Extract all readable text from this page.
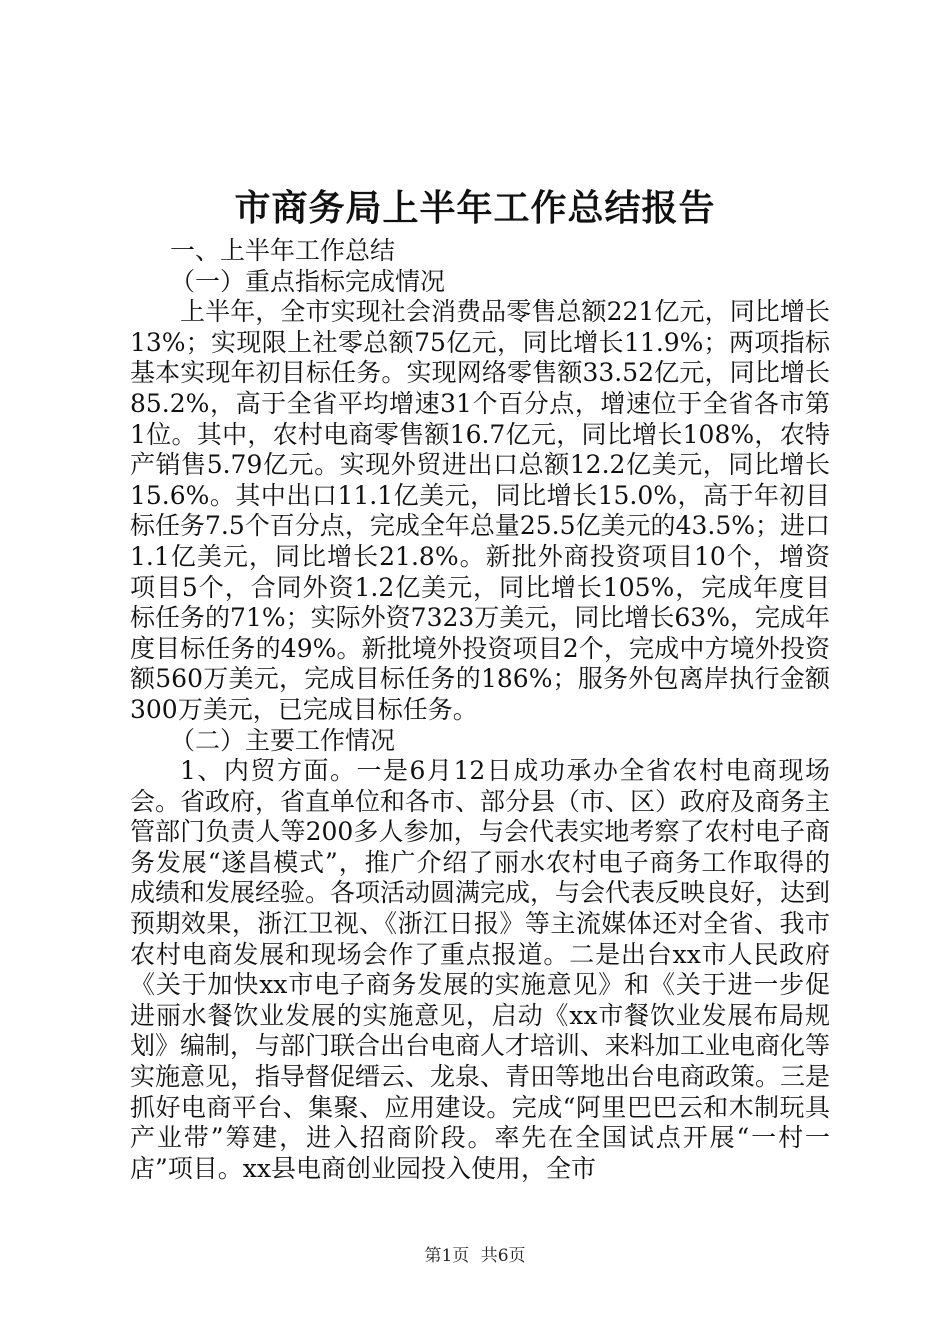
市商务局上半年工作总结报告

一、上半年工作总结

（一）重点指标完成情况

上半年，全市实现社会消费品零售总额221亿元，同比增长13%；实现限上社零总额75亿元，同比增长11.9%；两项指标基本实现年初目标任务。实现网络零售额33.52亿元，同比增长85.2%，高于全省平均增速31个百分点，增速位于全省各市第1位。其中，农村电商零售额16.7亿元，同比增长108%，农特产销售5.79亿元。实现外贸进出口总额12.2亿美元，同比增长15.6%。其中出口11.1亿美元，同比增长15.0%，高于年初目标任务7.5个百分点，完成全年总量25.5亿美元的43.5%；进口1.1亿美元，同比增长21.8%。新批外商投资项目10个，增资项目5个，合同外资1.2亿美元，同比增长105%，完成年度目标任务的71%；实际外资7323万美元，同比增长63%，完成年度目标任务的49%。新批境外投资项目2个，完成中方境外投资额560万美元，完成目标任务的186%；服务外包离岸执行金额300万美元，已完成目标任务。

（二）主要工作情况

1、内贸方面。一是6月12日成功承办全省农村电商现场会。省政府，省直单位和各市、部分县（市、区）政府及商务主管部门负责人等200多人参加，与会代表实地考察了农村电子商务发展“遂昌模式”，推广介绍了丽水农村电子商务工作取得的成绩和发展经验。各项活动圆满完成，与会代表反映良好，达到预期效果，浙江卫视、《浙江日报》等主流媒体还对全省、我市农村电商发展和现场会作了重点报道。二是出台xx市人民政府《关于加快xx市电子商务发展的实施意见》和《关于进一步促进丽水餐饮业发展的实施意见，启动《xx市餐饮业发展布局规划》编制，与部门联合出台电商人才培训、来料加工业电商化等实施意见，指导督促缙云、龙泉、青田等地出台电商政策。三是抓好电商平台、集聚、应用建设。完成“阿里巴巴云和木制玩具产业带”筹建，进入招商阶段。率先在全国试点开展“一村一店”项目。xx县电商创业园投入使用，全市

第1页 共6页
